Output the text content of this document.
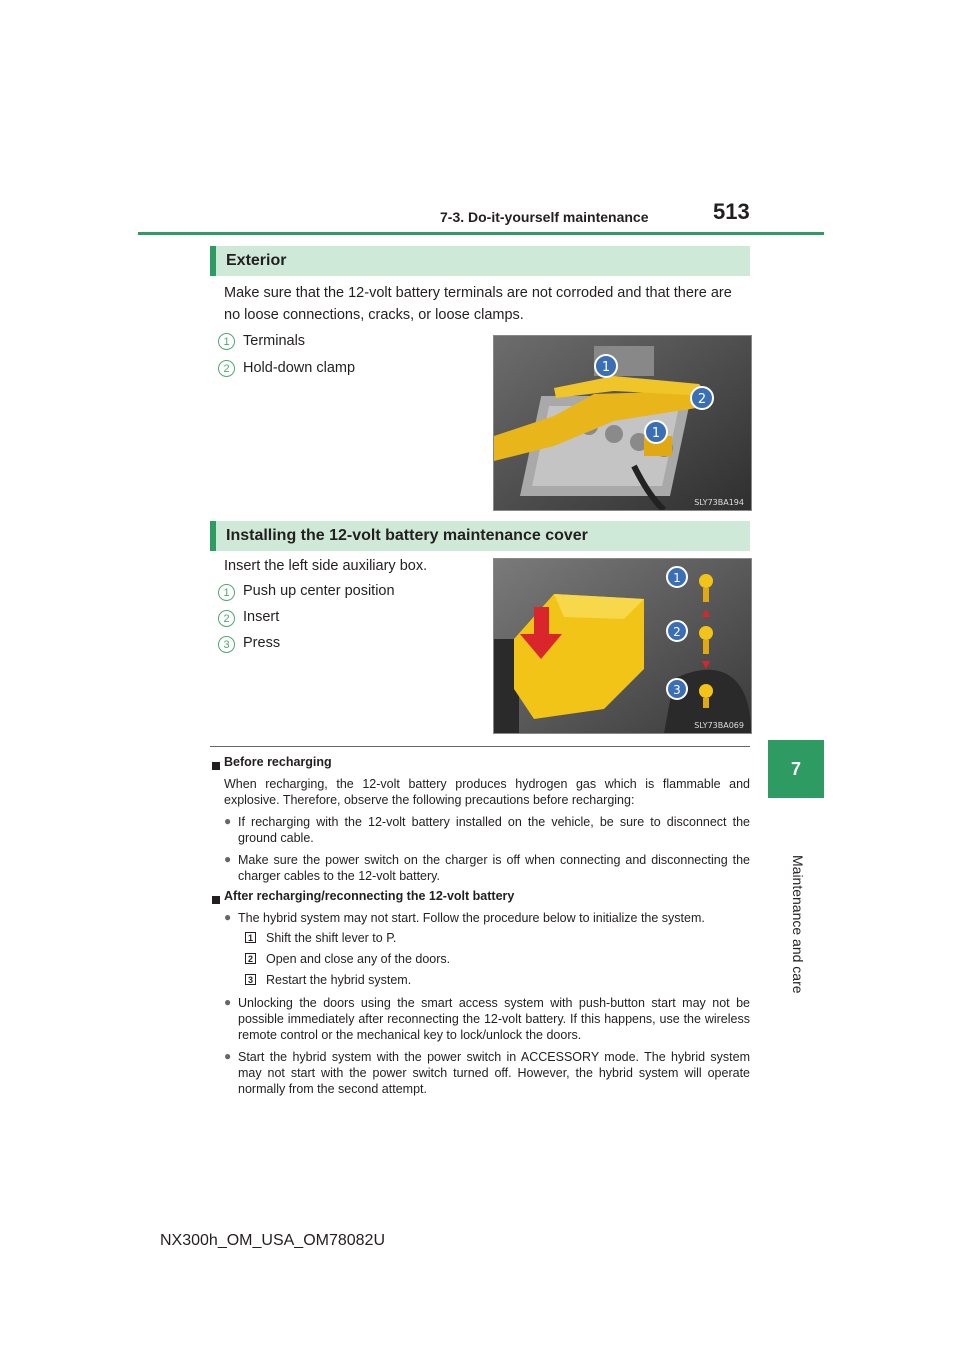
7-3. Do-it-yourself maintenance	513
7
Maintenance and care
Exterior
Make sure that the 12-volt battery terminals are not corroded and that there are no loose connections, cracks, or loose clamps.
1 Terminals
2 Hold-down clamp	1
2
1
SLY73BA194
Installing the 12-volt battery maintenance cover
Insert the left side auxiliary box.
1 Push up center position
2 Insert
3 Press
1
2
3
SLY73BA069
Before recharging
When recharging, the 12-volt battery produces hydrogen gas which is flammable and explosive. Therefore, observe the following precautions before recharging:
● If recharging with the 12-volt battery installed on the vehicle, be sure to disconnect the ground cable.
● Make sure the power switch on the charger is off when connecting and disconnecting the charger cables to the 12-volt battery.
After recharging/reconnecting the 12-volt battery
● The hybrid system may not start. Follow the procedure below to initialize the system.
1 Shift the shift lever to P.
2 Open and close any of the doors.
3 Restart the hybrid system.
● Unlocking the doors using the smart access system with push-button start may not be possible immediately after reconnecting the 12-volt battery. If this happens, use the wireless remote control or the mechanical key to lock/unlock the doors.
● Start the hybrid system with the power switch in ACCESSORY mode. The hybrid system may not start with the power switch turned off. However, the hybrid system will operate normally from the second attempt.
NX300h_OM_USA_OM78082U
